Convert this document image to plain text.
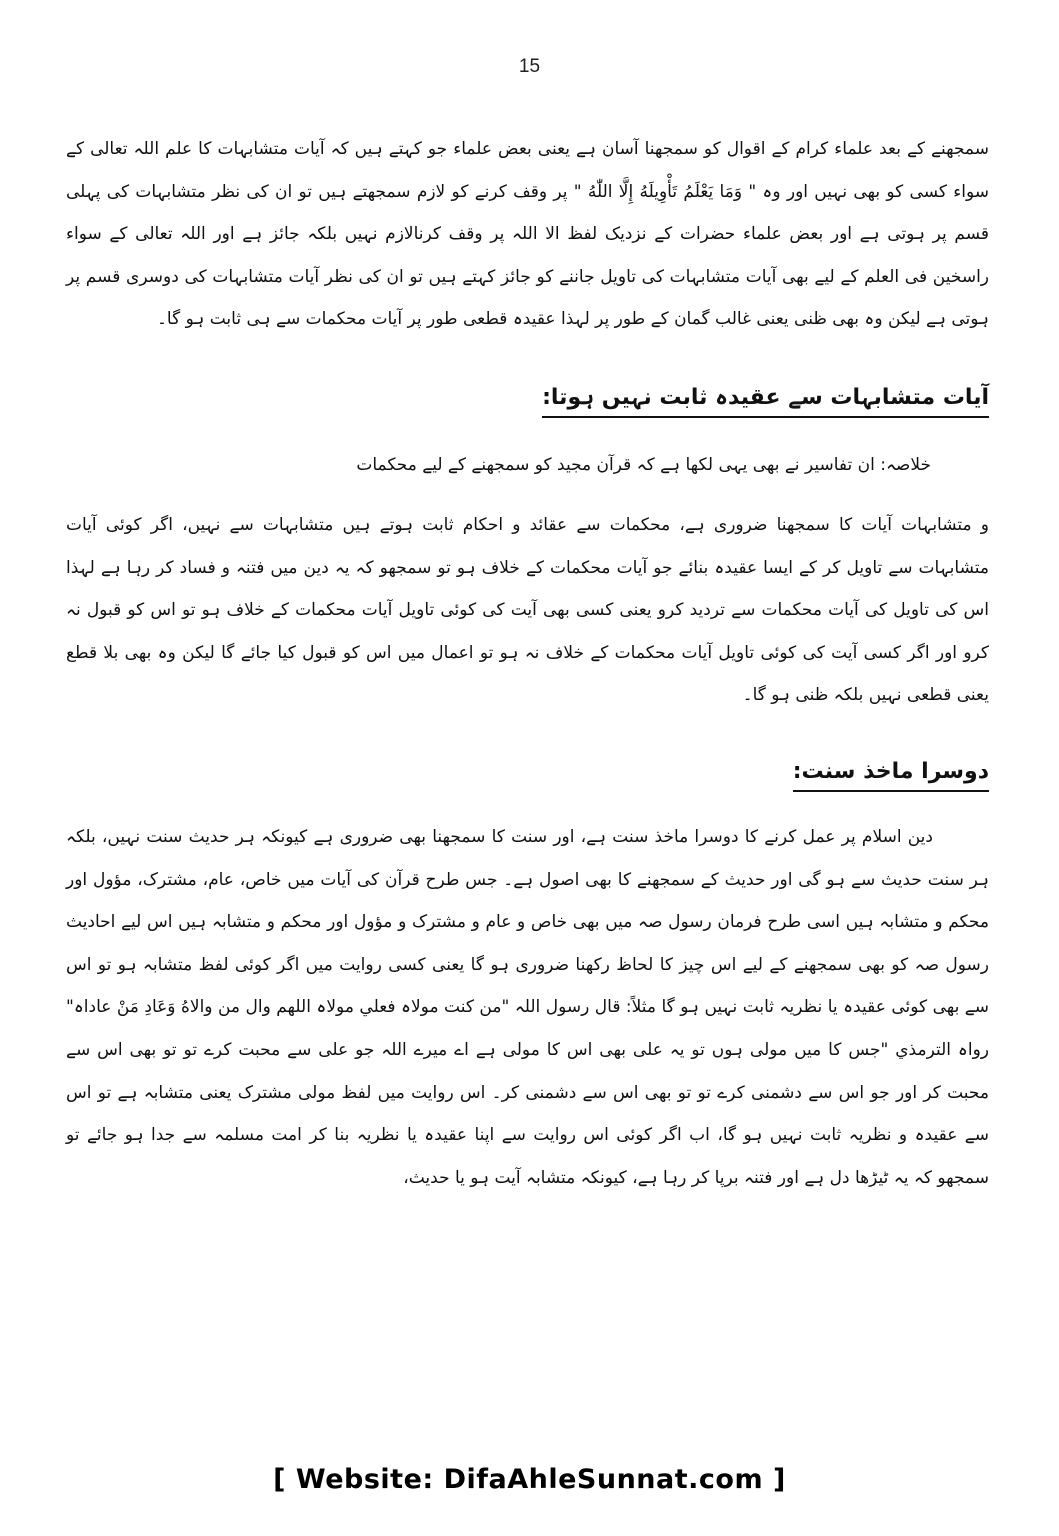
15

سمجھنے کے بعد علماء کرام کے اقوال کو سمجھنا آسان ہے یعنی بعض علماء جو کہتے ہیں کہ آیات متشابہات کا علم اللہ تعالی کے سواء کسی کو بھی نہیں اور وہ " وَمَا يَعْلَمُ تَأْوِيلَهُ إِلَّا اللّٰهُ " پر وقف کرنے کو لازم سمجھتے ہیں تو ان کی نظر متشابہات کی پہلی قسم پر ہوتی ہے اور بعض علماء حضرات کے نزدیک لفظ الا اللہ پر وقف کرنالازم نہیں بلکہ جائز ہے اور اللہ تعالی کے سواء راسخین فی العلم کے لیے بھی آیات متشابہات کی تاویل جاننے کو جائز کہتے ہیں تو ان کی نظر آیات متشابہات کی دوسری قسم پر ہوتی ہے لیکن وہ بھی ظنی یعنی غالب گمان کے طور پر لہذا عقیدہ قطعی طور پر آیات محکمات سے ہی ثابت ہو گا۔

آیات متشابہات سے عقیدہ ثابت نہیں ہوتا:

خلاصہ: ان تفاسیر نے بھی یہی لکھا ہے کہ قرآن مجید کو سمجھنے کے لیے محکمات

و متشابہات آیات کا سمجھنا ضروری ہے، محکمات سے عقائد و احکام ثابت ہوتے ہیں متشابہات سے نہیں، اگر کوئی آیات متشابہات سے تاویل کر کے ایسا عقیدہ بنائے جو آیات محکمات کے خلاف ہو تو سمجھو کہ یہ دین میں فتنہ و فساد کر رہا ہے لہذا اس کی تاویل کی آیات محکمات سے تردید کرو یعنی کسی بھی آیت کی کوئی تاویل آیات محکمات کے خلاف ہو تو اس کو قبول نہ کرو اور اگر کسی آیت کی کوئی تاویل آیات محکمات کے خلاف نہ ہو تو اعمال میں اس کو قبول کیا جائے گا لیکن وہ بھی بلا قطع یعنی قطعی نہیں بلکہ ظنی ہو گا۔

دوسرا ماخذ سنت:

دین اسلام پر عمل کرنے کا دوسرا ماخذ سنت ہے، اور سنت کا سمجھنا بھی ضروری ہے کیونکہ ہر حدیث سنت نہیں، بلکہ ہر سنت حدیث سے ہو گی اور حدیث کے سمجھنے کا بھی اصول ہے۔ جس طرح قرآن کی آیات میں خاص، عام، مشترک، مؤول اور محکم و متشابہ ہیں اسی طرح فرمان رسول صہ میں بھی خاص و عام و مشترک و مؤول اور محکم و متشابہ ہیں اس لیے احادیث رسول صہ کو بھی سمجھنے کے لیے اس چیز کا لحاظ رکھنا ضروری ہو گا یعنی کسی روایت میں اگر کوئی لفظ متشابہ ہو تو اس سے بھی کوئی عقیدہ یا نظریہ ثابت نہیں ہو گا مثلاً: قال رسول اللہ "من کنت مولاہ فعلي مولاہ اللھم وال من والاهُ وَعَادِ مَنْ عاداہ" رواہ الترمذي "جس کا میں مولی ہوں تو یہ علی بھی اس کا مولی ہے اے میرے اللہ جو علی سے محبت کرے تو تو بھی اس سے محبت کر اور جو اس سے دشمنی کرے تو تو بھی اس سے دشمنی کر۔ اس روایت میں لفظ مولی مشترک یعنی متشابہ ہے تو اس سے عقیدہ و نظریہ ثابت نہیں ہو گا، اب اگر کوئی اس روایت سے اپنا عقیدہ یا نظریہ بنا کر امت مسلمہ سے جدا ہو جائے تو سمجھو کہ یہ ٹیڑھا دل ہے اور فتنہ برپا کر رہا ہے، کیونکہ متشابہ آیت ہو یا حدیث،

[ Website: DifaAhleSunnat.com ]
